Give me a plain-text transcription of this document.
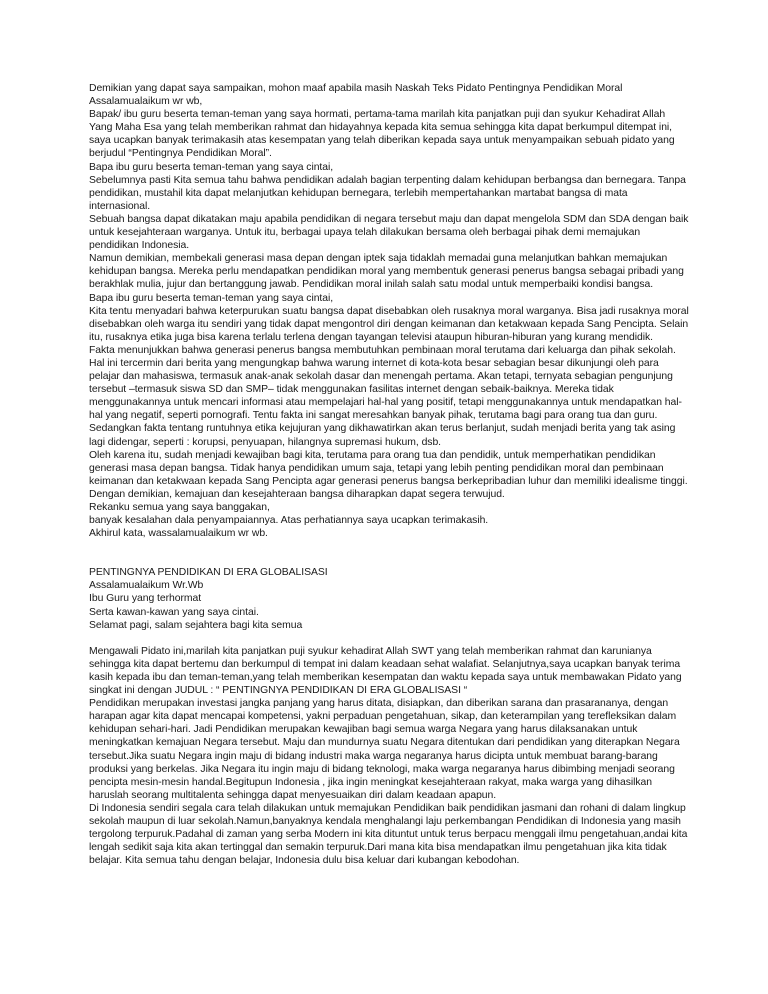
Demikian yang dapat saya sampaikan, mohon maaf apabila masih Naskah Teks Pidato Pentingnya Pendidikan Moral
Assalamualaikum wr wb,
Bapak/ ibu guru beserta teman-teman yang saya hormati, pertama-tama marilah kita panjatkan puji dan syukur Kehadirat Allah
Yang Maha Esa yang telah memberikan rahmat dan hidayahnya kepada kita semua sehingga kita dapat berkumpul ditempat ini,
saya ucapkan banyak terimakasih atas kesempatan yang telah diberikan kepada saya untuk menyampaikan sebuah pidato yang
berjudul “Pentingnya Pendidikan Moral”.
Bapa ibu guru beserta teman-teman yang saya cintai,
Sebelumnya pasti Kita semua tahu bahwa pendidikan adalah bagian terpenting dalam kehidupan berbangsa dan bernegara. Tanpa
pendidikan, mustahil kita dapat melanjutkan kehidupan bernegara, terlebih mempertahankan martabat bangsa di mata
internasional.
Sebuah bangsa dapat dikatakan maju apabila pendidikan di negara tersebut maju dan dapat mengelola SDM dan SDA dengan baik
untuk kesejahteraan warganya. Untuk itu, berbagai upaya telah dilakukan bersama oleh berbagai pihak demi memajukan
pendidikan Indonesia.
Namun demikian, membekali generasi masa depan dengan iptek saja tidaklah memadai guna melanjutkan bahkan memajukan
kehidupan bangsa. Mereka perlu mendapatkan pendidikan moral yang membentuk generasi penerus bangsa sebagai pribadi yang
berakhlak mulia, jujur dan bertanggung jawab. Pendidikan moral inilah salah satu modal untuk memperbaiki kondisi bangsa.
Bapa ibu guru beserta teman-teman yang saya cintai,
Kita tentu menyadari bahwa keterpurukan suatu bangsa dapat disebabkan oleh rusaknya moral warganya. Bisa jadi rusaknya moral
disebabkan oleh warga itu sendiri yang tidak dapat mengontrol diri dengan keimanan dan ketakwaan kepada Sang Pencipta. Selain
itu, rusaknya etika juga bisa karena terlalu terlena dengan tayangan televisi ataupun hiburan-hiburan yang kurang mendidik.
Fakta menunjukkan bahwa generasi penerus bangsa membutuhkan pembinaan moral terutama dari keluarga dan pihak sekolah.
Hal ini tercermin dari berita yang mengungkap bahwa warung internet di kota-kota besar sebagian besar dikunjungi oleh para
pelajar dan mahasiswa, termasuk anak-anak sekolah dasar dan menengah pertama. Akan tetapi, ternyata sebagian pengunjung
tersebut –termasuk siswa SD dan SMP– tidak menggunakan fasilitas internet dengan sebaik-baiknya. Mereka tidak
menggunakannya untuk mencari informasi atau mempelajari hal-hal yang positif, tetapi menggunakannya untuk mendapatkan hal-
hal yang negatif, seperti pornografi. Tentu fakta ini sangat meresahkan banyak pihak, terutama bagi para orang tua dan guru.
Sedangkan fakta tentang runtuhnya etika kejujuran yang dikhawatirkan akan terus berlanjut, sudah menjadi berita yang tak asing
lagi didengar, seperti : korupsi, penyuapan, hilangnya supremasi hukum, dsb.
Oleh karena itu, sudah menjadi kewajiban bagi kita, terutama para orang tua dan pendidik, untuk memperhatikan pendidikan
generasi masa depan bangsa. Tidak hanya pendidikan umum saja, tetapi yang lebih penting pendidikan moral dan pembinaan
keimanan dan ketakwaan kepada Sang Pencipta agar generasi penerus bangsa berkepribadian luhur dan memiliki idealisme tinggi.
Dengan demikian, kemajuan dan kesejahteraan bangsa diharapkan dapat segera terwujud.
Rekanku semua yang saya banggakan,
banyak kesalahan dala penyampaiannya. Atas perhatiannya saya ucapkan terimakasih.
Akhirul kata, wassalamualaikum wr wb.
PENTINGNYA PENDIDIKAN DI ERA GLOBALISASI
Assalamualaikum Wr.Wb
Ibu Guru yang terhormat
Serta kawan-kawan yang saya cintai.
Selamat pagi, salam sejahtera bagi kita semua
Mengawali Pidato ini,marilah kita panjatkan puji syukur kehadirat Allah SWT yang telah memberikan rahmat dan karunianya
sehingga kita dapat bertemu dan berkumpul di tempat ini dalam keadaan sehat walafiat. Selanjutnya,saya ucapkan banyak terima
kasih kepada ibu dan teman-teman,yang telah memberikan kesempatan dan waktu kepada saya untuk membawakan Pidato yang
singkat ini dengan JUDUL : “ PENTINGNYA PENDIDIKAN DI ERA GLOBALISASI “
Pendidikan merupakan investasi jangka panjang yang harus ditata, disiapkan, dan diberikan sarana dan prasarananya, dengan
harapan agar kita dapat mencapai kompetensi, yakni perpaduan pengetahuan, sikap, dan keterampilan yang terefleksikan dalam
kehidupan sehari-hari. Jadi Pendidikan merupakan kewajiban bagi semua warga Negara yang harus dilaksanakan untuk
meningkatkan kemajuan Negara tersebut. Maju dan mundurnya suatu Negara ditentukan dari pendidikan yang diterapkan Negara
tersebut.Jika suatu Negara ingin maju di bidang industri maka warga negaranya harus dicipta untuk membuat barang-barang
produksi yang berkelas. Jika Negara itu ingin maju di bidang teknologi, maka warga negaranya harus dibimbing menjadi seorang
pencipta mesin-mesin handal.Begitupun Indonesia , jika ingin meningkat kesejahteraan rakyat, maka warga yang dihasilkan
haruslah seorang multitalenta sehingga dapat menyesuaikan diri dalam keadaan apapun.
Di Indonesia sendiri segala cara telah dilakukan untuk memajukan Pendidikan baik pendidikan jasmani dan rohani di dalam lingkup
sekolah maupun di luar sekolah.Namun,banyaknya kendala menghalangi laju perkembangan Pendidikan di Indonesia yang masih
tergolong terpuruk.Padahal di zaman yang serba Modern ini kita dituntut untuk terus berpacu menggali ilmu pengetahuan,andai kita
lengah sedikit saja kita akan tertinggal dan semakin terpuruk.Dari mana kita bisa mendapatkan ilmu pengetahuan jika kita tidak
belajar. Kita semua tahu dengan belajar, Indonesia dulu bisa keluar dari kubangan kebodohan.
